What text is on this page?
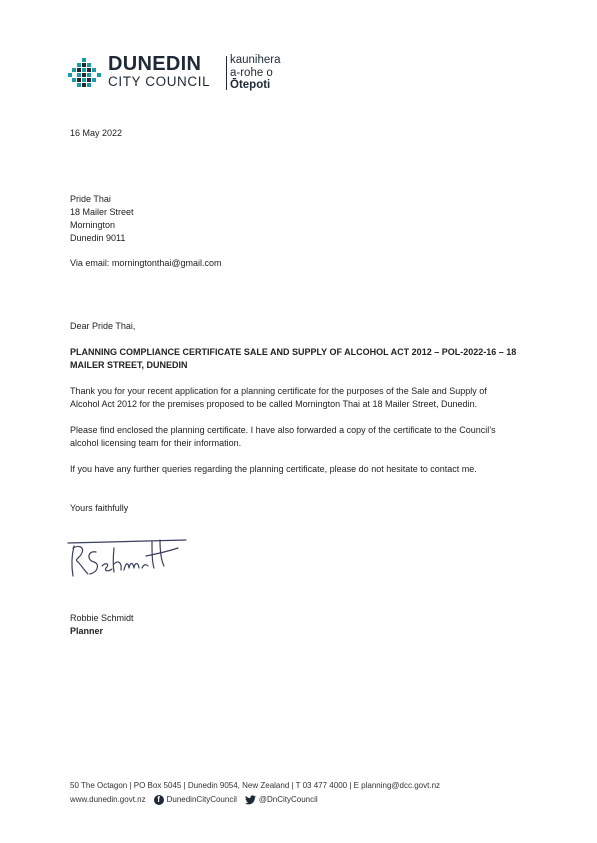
DUNEDIN
CITY COUNCIL
kaunihera
a-rohe o
Ōtepoti
16 May 2022
Pride Thai
18 Mailer Street
Mornington
Dunedin 9011
Via email: morningtonthai@gmail.com
Dear Pride Thai,
PLANNING COMPLIANCE CERTIFICATE SALE AND SUPPLY OF ALCOHOL ACT 2012 – POL-2022-16 – 18
MAILER STREET, DUNEDIN
Thank you for your recent application for a planning certificate for the purposes of the Sale and Supply of
Alcohol Act 2012 for the premises proposed to be called Mornington Thai at 18 Mailer Street, Dunedin.
Please find enclosed the planning certificate. I have also forwarded a copy of the certificate to the Council’s
alcohol licensing team for their information.
If you have any further queries regarding the planning certificate, please do not hesitate to contact me.
Yours faithfully
Robbie Schmidt
Planner
50 The Octagon | PO Box 5045 | Dunedin 9054, New Zealand | T 03 477 4000 | E planning@dcc.govt.nz
www.dunedin.govt.nz	f DunedinCityCouncil	@DnCityCouncil
